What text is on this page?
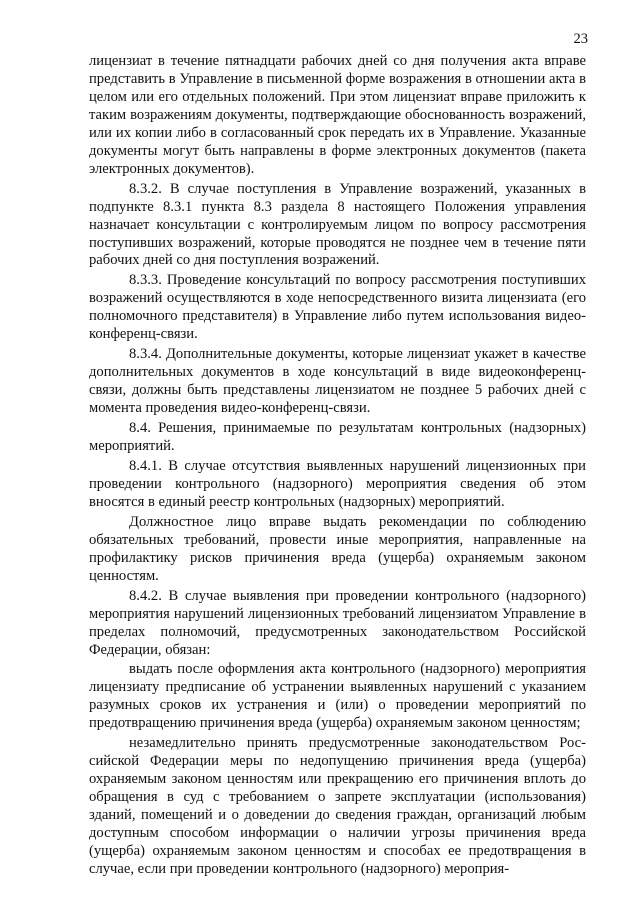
23

лицензиат в течение пятнадцати рабочих дней со дня получения акта вправе представить в Управление в письменной форме возражения в отношении акта в целом или его отдельных положений. При этом лицензиат вправе приложить к таким возражениям документы, подтверждающие обоснованность возражений, или их копии либо в согласованный срок передать их в Управление. Указанные документы могут быть направлены в форме электронных документов (пакета электронных документов).

8.3.2. В случае поступления в Управление возражений, указанных в подпункте 8.3.1 пункта 8.3 раздела 8 настоящего Положения управления назначает консультации с контролируемым лицом по вопросу рассмотрения поступивших возражений, которые проводятся не позднее чем в течение пяти рабочих дней со дня поступления возражений.

8.3.3. Проведение консультаций по вопросу рассмотрения поступивших возражений осуществляются в ходе непосредственного визита лицензиата (его полномочного представителя) в Управление либо путем использования видео-конференц-связи.

8.3.4. Дополнительные документы, которые лицензиат укажет в качестве дополнительных документов в ходе консультаций в виде видеоконференц-связи, должны быть представлены лицензиатом не позднее 5 рабочих дней с момента проведения видео-конференц-связи.

8.4. Решения, принимаемые по результатам контрольных (надзорных) мероприятий.

8.4.1. В случае отсутствия выявленных нарушений лицензионных при проведении контрольного (надзорного) мероприятия сведения об этом вносятся в единый реестр контрольных (надзорных) мероприятий.

Должностное лицо вправе выдать рекомендации по соблюдению обязательных требований, провести иные мероприятия, направленные на профилактику рисков причинения вреда (ущерба) охраняемым законом ценностям.

8.4.2. В случае выявления при проведении контрольного (надзорного) мероприятия нарушений лицензионных требований лицензиатом Управление в пределах полномочий, предусмотренных законодательством Российской Федерации, обязан:

выдать после оформления акта контрольного (надзорного) мероприятия лицензиату предписание об устранении выявленных нарушений с указанием разумных сроков их устранения и (или) о проведении мероприятий по предотвращению причинения вреда (ущерба) охраняемым законом ценностям;

незамедлительно принять предусмотренные законодательством Российской Федерации меры по недопущению причинения вреда (ущерба) охраняемым законом ценностям или прекращению его причинения вплоть до обращения в суд с требованием о запрете эксплуатации (использования) зданий, помещений и о доведении до сведения граждан, организаций любым доступным способом информации о наличии угрозы причинения вреда (ущерба) охраняемым законом ценностям и способах ее предотвращения в случае, если при проведении контрольного (надзорного) мероприя-
